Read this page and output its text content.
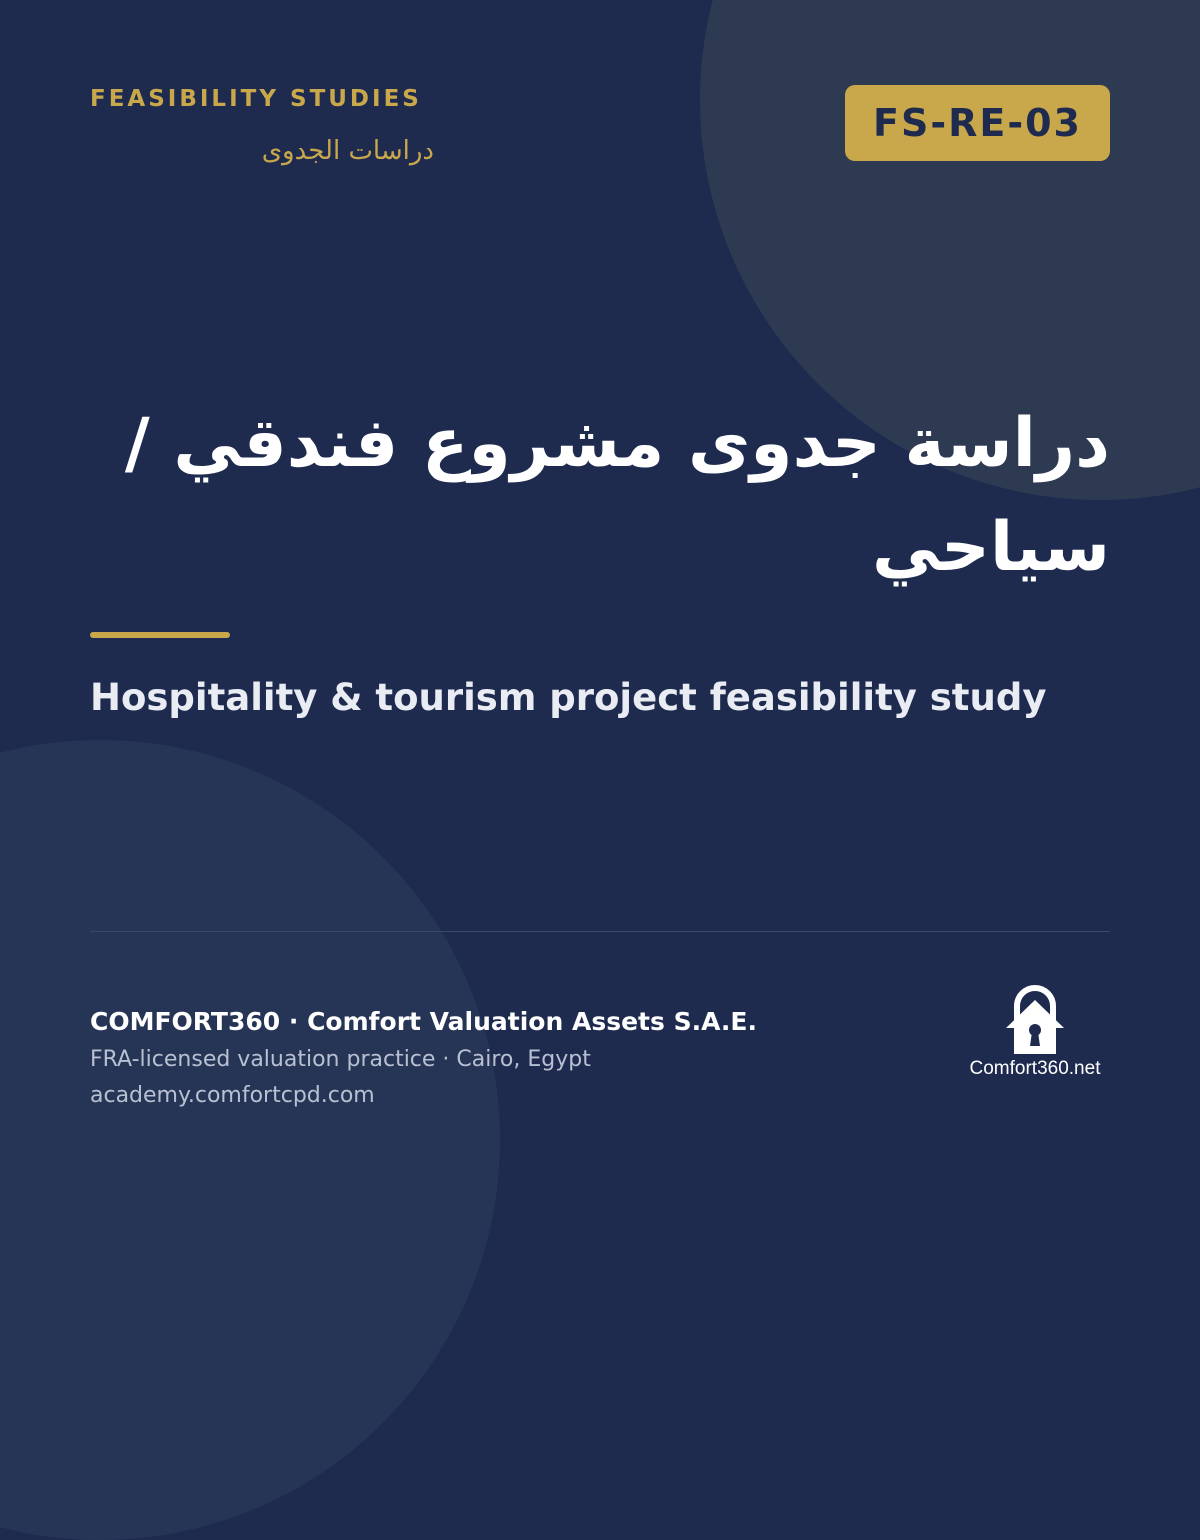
FEASIBILITY STUDIES
دراسات الجدوى
FS-RE-03
دراسة جدوى مشروع فندقي / سياحي
Hospitality & tourism project feasibility study
COMFORT360 · Comfort Valuation Assets S.A.E.
FRA-licensed valuation practice · Cairo, Egypt
academy.comfortcpd.com
Comfort360.net
